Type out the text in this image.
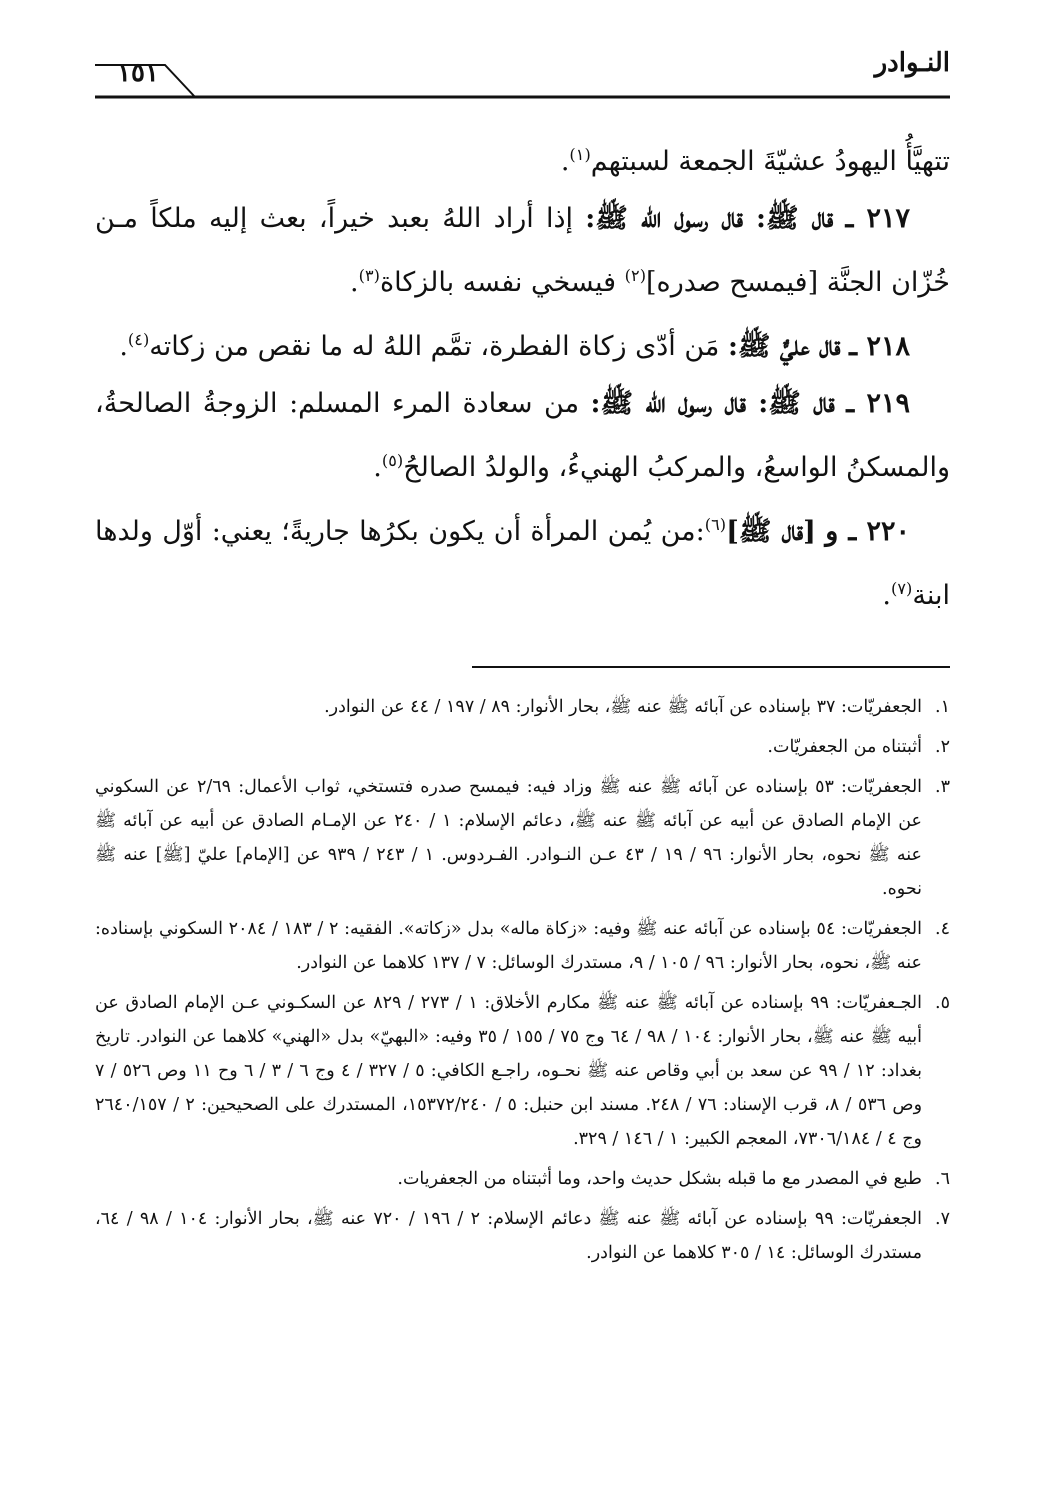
النـوادر
١٥١

تتهيَّأُ اليهودُ عشيّةَ الجمعة لسبتهم$^{(١)}$.

٢١٧ ـ قال ﷺ: قال رسول الله ﷺ: إذا أراد اللهُ بعبد خيراً، بعث إليه ملكاً مـن خُزّان الجنَّة [فيمسح صدره]$^{(٢)}$ فيسخي نفسه بالزكاة$^{(٣)}$.

٢١٨ ـ قال عليٌّ ﷺ: مَن أدّى زكاة الفطرة، تمَّم اللهُ له ما نقص من زكاته$^{(٤)}$.

٢١٩ ـ قال ﷺ: قال رسول الله ﷺ: من سعادة المرء المسلم: الزوجةُ الصالحةُ، والمسكنُ الواسعُ، والمركبُ الهنيءُ، والولدُ الصالحُ$^{(٥)}$.

٢٢٠ ـ و [قال ﷺ]$^{(٦)}$:من يُمن المرأة أن يكون بكرُها جاريةً؛ يعني: أوّل ولدها ابنة$^{(٧)}$.

١.
الجعفريّات: ٣٧ بإسناده عن آبائه ﷺ عنه ﷺ، بحار الأنوار: ٨٩ / ١٩٧ / ٤٤ عن النوادر.
٢.
أثبتناه من الجعفريّات.
٣.
الجعفريّات: ٥٣ بإسناده عن آبائه ﷺ عنه ﷺ وزاد فيه: فيمسح صدره فتستخي، ثواب الأعمال: ٢/٦٩ عن السكوني عن الإمام الصادق عن أبيه عن آبائه ﷺ عنه ﷺ، دعائم الإسلام: ١ / ٢٤٠ عن الإمـام الصادق عن أبيه عن آبائه ﷺ عنه ﷺ نحوه، بحار الأنوار: ٩٦ / ١٩ / ٤٣ عـن النـوادر. الفـردوس. ١ / ٢٤٣ / ٩٣٩ عن [الإمام] عليّ [ﷺ] عنه ﷺ نحوه.
٤.
الجعفريّات: ٥٤ بإسناده عن آبائه عنه ﷺ وفيه: «زكاة ماله» بدل «زكاته». الفقيه: ٢ / ١٨٣ / ٢٠٨٤ السكوني بإسناده: عنه ﷺ، نحوه، بحار الأنوار: ٩٦ / ١٠٥ / ٩، مستدرك الوسائل: ٧ / ١٣٧ كلاهما عن النوادر.
٥.
الجـعفريّات: ٩٩ بإسناده عن آبائه ﷺ عنه ﷺ مكارم الأخلاق: ١ / ٢٧٣ / ٨٢٩ عن السكـوني عـن الإمام الصادق عن أبيه ﷺ عنه ﷺ، بحار الأنوار: ١٠٤ / ٩٨ / ٦٤ وج ٧٥ / ١٥٥ / ٣٥ وفيه: «البهيّ» بدل «الهني» كلاهما عن النوادر. تاريخ بغداد: ١٢ / ٩٩ عن سعد بن أبي وقاص عنه ﷺ نحـوه، راجـع الكافي: ٥ / ٣٢٧ / ٤ وج ٦ / ٣ / ٦ وح ١١ وص ٥٢٦ / ٧ وص ٥٣٦ / ٨، قرب الإسناد: ٧٦ / ٢٤٨. مسند ابن حنبل: ٥ / ١٥٣٧٢/٢٤٠، المستدرك على الصحيحين: ٢ / ٢٦٤٠/١٥٧ وج ٤ / ٧٣٠٦/١٨٤، المعجم الكبير: ١ / ١٤٦ / ٣٢٩.
٦.
طبع في المصدر مع ما قبله بشكل حديث واحد، وما أثبتناه من الجعفريات.
٧.
الجعفريّات: ٩٩ بإسناده عن آبائه ﷺ عنه ﷺ دعائم الإسلام: ٢ / ١٩٦ / ٧٢٠ عنه ﷺ، بحار الأنوار: ١٠٤ / ٩٨ / ٦٤، مستدرك الوسائل: ١٤ / ٣٠٥ كلاهما عن النوادر.
